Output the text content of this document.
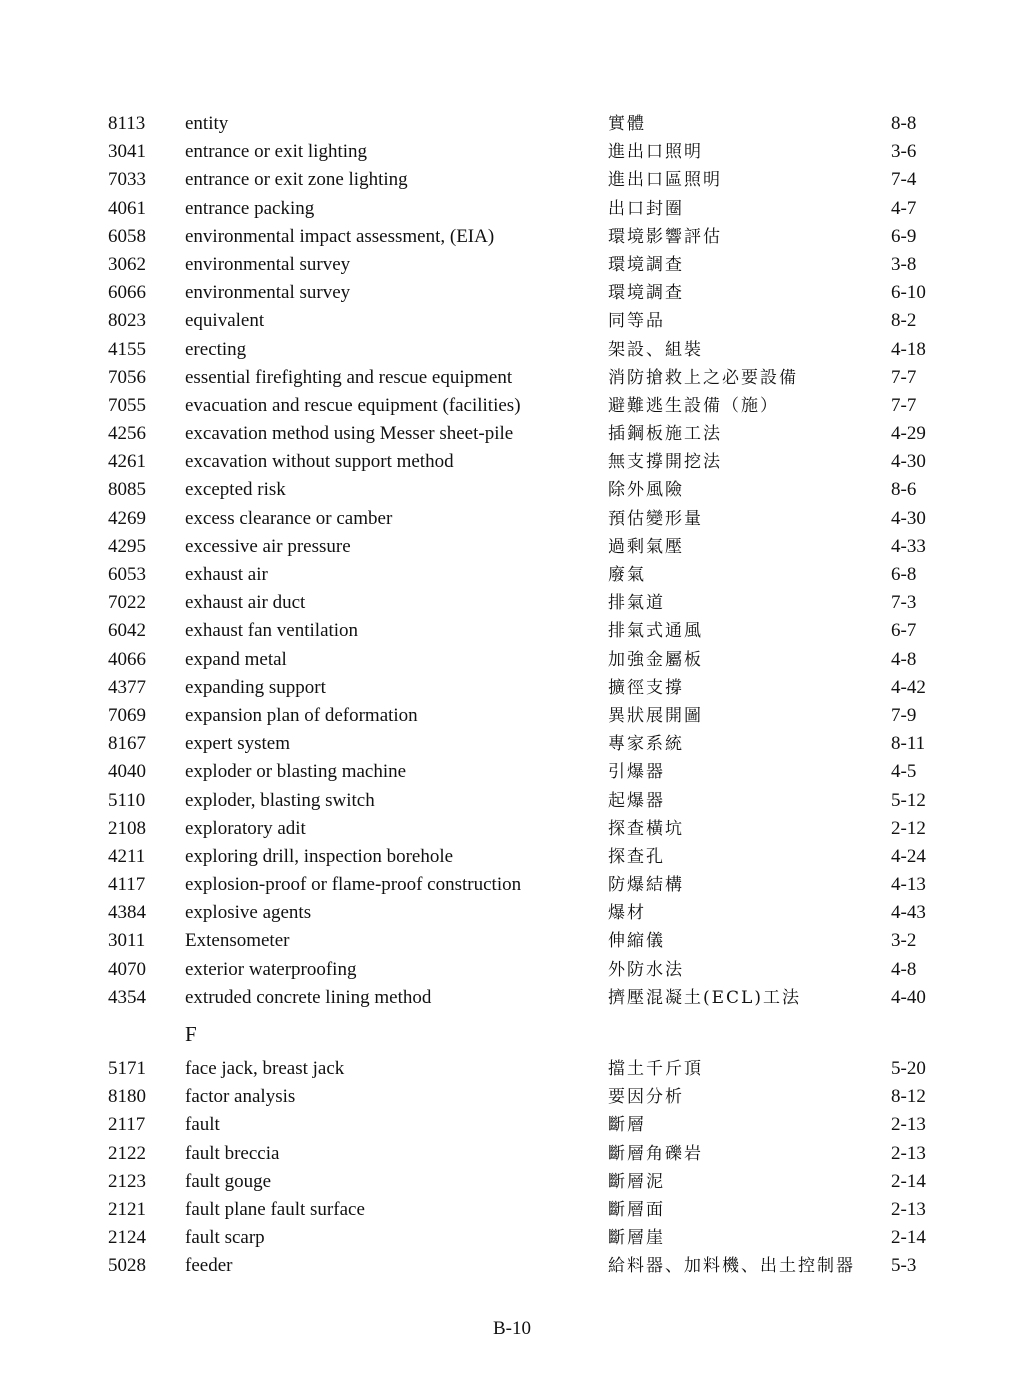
8113	entity	實體	8-8
3041	entrance or exit lighting	進出口照明	3-6
7033	entrance or exit zone lighting	進出口區照明	7-4
4061	entrance packing	出口封圈	4-7
6058	environmental impact assessment, (EIA)	環境影響評估	6-9
3062	environmental survey	環境調查	3-8
6066	environmental survey	環境調查	6-10
8023	equivalent	同等品	8-2
4155	erecting	架設、組裝	4-18
7056	essential firefighting and rescue equipment	消防搶救上之必要設備	7-7
7055	evacuation and rescue equipment (facilities)	避難逃生設備（施）	7-7
4256	excavation method using Messer sheet-pile	插鋼板施工法	4-29
4261	excavation without support method	無支撐開挖法	4-30
8085	excepted risk	除外風險	8-6
4269	excess clearance or camber	預估變形量	4-30
4295	excessive air pressure	過剩氣壓	4-33
6053	exhaust air	廢氣	6-8
7022	exhaust air duct	排氣道	7-3
6042	exhaust fan ventilation	排氣式通風	6-7
4066	expand metal	加強金屬板	4-8
4377	expanding support	擴徑支撐	4-42
7069	expansion plan of deformation	異狀展開圖	7-9
8167	expert system	專家系統	8-11
4040	exploder or blasting machine	引爆器	4-5
5110	exploder, blasting switch	起爆器	5-12
2108	exploratory adit	探查橫坑	2-12
4211	exploring drill, inspection borehole	探查孔	4-24
4117	explosion-proof or flame-proof construction	防爆結構	4-13
4384	explosive agents	爆材	4-43
3011	Extensometer	伸縮儀	3-2
4070	exterior waterproofing	外防水法	4-8
4354	extruded concrete lining method	擠壓混凝土(ECL)工法	4-40
F
5171	face jack, breast jack	擋土千斤頂	5-20
8180	factor analysis	要因分析	8-12
2117	fault	斷層	2-13
2122	fault breccia	斷層角礫岩	2-13
2123	fault gouge	斷層泥	2-14
2121	fault plane fault surface	斷層面	2-13
2124	fault scarp	斷層崖	2-14
5028	feeder	給料器、加料機、出土控制器	5-3
B-10
